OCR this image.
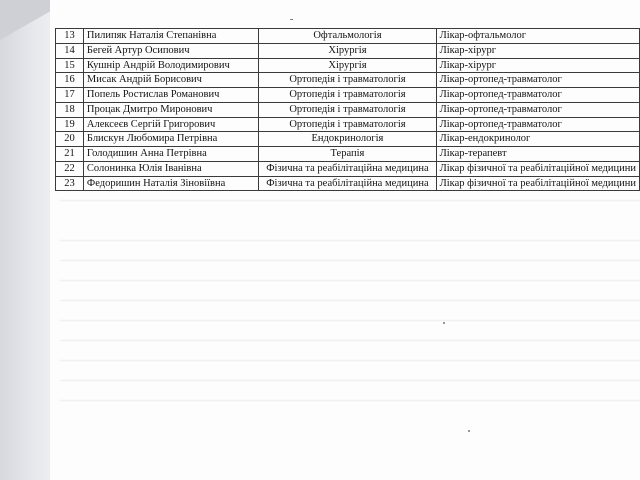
13	Пилипяк Наталія Степанівна	Офтальмологія	Лікар-офтальмолог
14	Бегей Артур Осипович	Хірургія	Лікар-хірург
15	Кушнір Андрій Володимирович	Хірургія	Лікар-хірург
16	Мисак Андрій Борисович	Ортопедія і травматологія	Лікар-ортопед-травматолог
17	Попель Ростислав Романович	Ортопедія і травматологія	Лікар-ортопед-травматолог
18	Процак Дмитро Миронович	Ортопедія і травматологія	Лікар-ортопед-травматолог
19	Алексеєв Сергій Григорович	Ортопедія і травматологія	Лікар-ортопед-травматолог
20	Блискун Любомира Петрівна	Ендокринологія	Лікар-ендокринолог
21	Голодишин Анна Петрівна	Терапія	Лікар-терапевт
22	Солонинка Юлія Іванівна	Фізична та реабілітаційна медицина	Лікар фізичної та реабілітаційної медицини
23	Федоришин Наталія Зіновіївна	Фізична та реабілітаційна медицина	Лікар фізичної та реабілітаційної медицини
